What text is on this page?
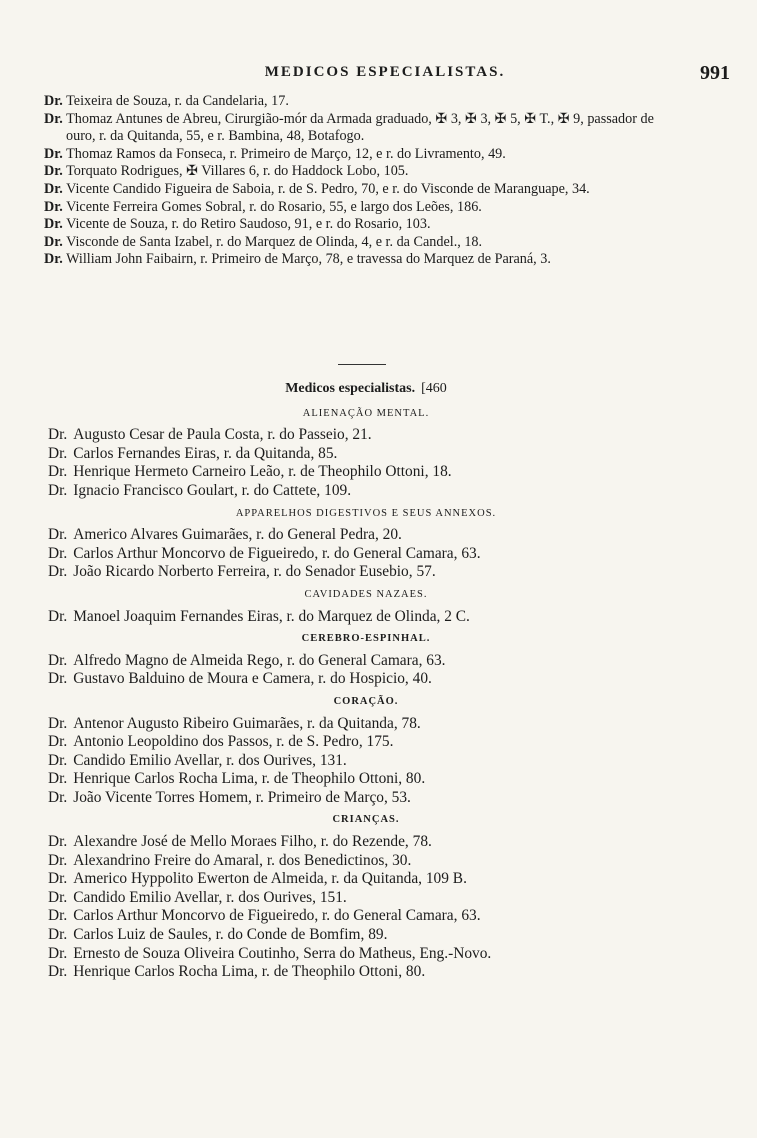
MEDICOS ESPECIALISTAS.	991

Dr. Teixeira de Souza, r. da Candelaria, 17.

Dr. Thomaz Antunes de Abreu, Cirurgião-mór da Armada graduado, ✠ 3, ✠ 3, ✠ 5, ✠ T., ✠ 9, passador de ouro, r. da Quitanda, 55, e r. Bambina, 48, Botafogo.

Dr. Thomaz Ramos da Fonseca, r. Primeiro de Março, 12, e r. do Livramento, 49.

Dr. Torquato Rodrigues, ✠ Villares 6, r. do Haddock Lobo, 105.

Dr. Vicente Candido Figueira de Saboia, r. de S. Pedro, 70, e r. do Visconde de Maranguape, 34.

Dr. Vicente Ferreira Gomes Sobral, r. do Rosario, 55, e largo dos Leões, 186.

Dr. Vicente de Souza, r. do Retiro Saudoso, 91, e r. do Rosario, 103.

Dr. Visconde de Santa Izabel, r. do Marquez de Olinda, 4, e r. da Candel., 18.

Dr. William John Faibairn, r. Primeiro de Março, 78, e travessa do Marquez de Paraná, 3.

Medicos especialistas. [460
ALIENAÇÃO MENTAL.

Dr. Augusto Cesar de Paula Costa, r. do Passeio, 21.

Dr. Carlos Fernandes Eiras, r. da Quitanda, 85.

Dr. Henrique Hermeto Carneiro Leão, r. de Theophilo Ottoni, 18.

Dr. Ignacio Francisco Goulart, r. do Cattete, 109.

APPARELHOS DIGESTIVOS E SEUS ANNEXOS.

Dr. Americo Alvares Guimarães, r. do General Pedra, 20.

Dr. Carlos Arthur Moncorvo de Figueiredo, r. do General Camara, 63.

Dr. João Ricardo Norberto Ferreira, r. do Senador Eusebio, 57.

CAVIDADES NAZAES.

Dr. Manoel Joaquim Fernandes Eiras, r. do Marquez de Olinda, 2 C.

CEREBRO-ESPINHAL.

Dr. Alfredo Magno de Almeida Rego, r. do General Camara, 63.

Dr. Gustavo Balduino de Moura e Camera, r. do Hospicio, 40.

CORAÇÃO.

Dr. Antenor Augusto Ribeiro Guimarães, r. da Quitanda, 78.

Dr. Antonio Leopoldino dos Passos, r. de S. Pedro, 175.

Dr. Candido Emilio Avellar, r. dos Ourives, 131.

Dr. Henrique Carlos Rocha Lima, r. de Theophilo Ottoni, 80.

Dr. João Vicente Torres Homem, r. Primeiro de Março, 53.

CRIANÇAS.

Dr. Alexandre José de Mello Moraes Filho, r. do Rezende, 78.

Dr. Alexandrino Freire do Amaral, r. dos Benedictinos, 30.

Dr. Americo Hyppolito Ewerton de Almeida, r. da Quitanda, 109 B.

Dr. Candido Emilio Avellar, r. dos Ourives, 151.

Dr. Carlos Arthur Moncorvo de Figueiredo, r. do General Camara, 63.

Dr. Carlos Luiz de Saules, r. do Conde de Bomfim, 89.

Dr. Ernesto de Souza Oliveira Coutinho, Serra do Matheus, Eng.-Novo.

Dr. Henrique Carlos Rocha Lima, r. de Theophilo Ottoni, 80.
